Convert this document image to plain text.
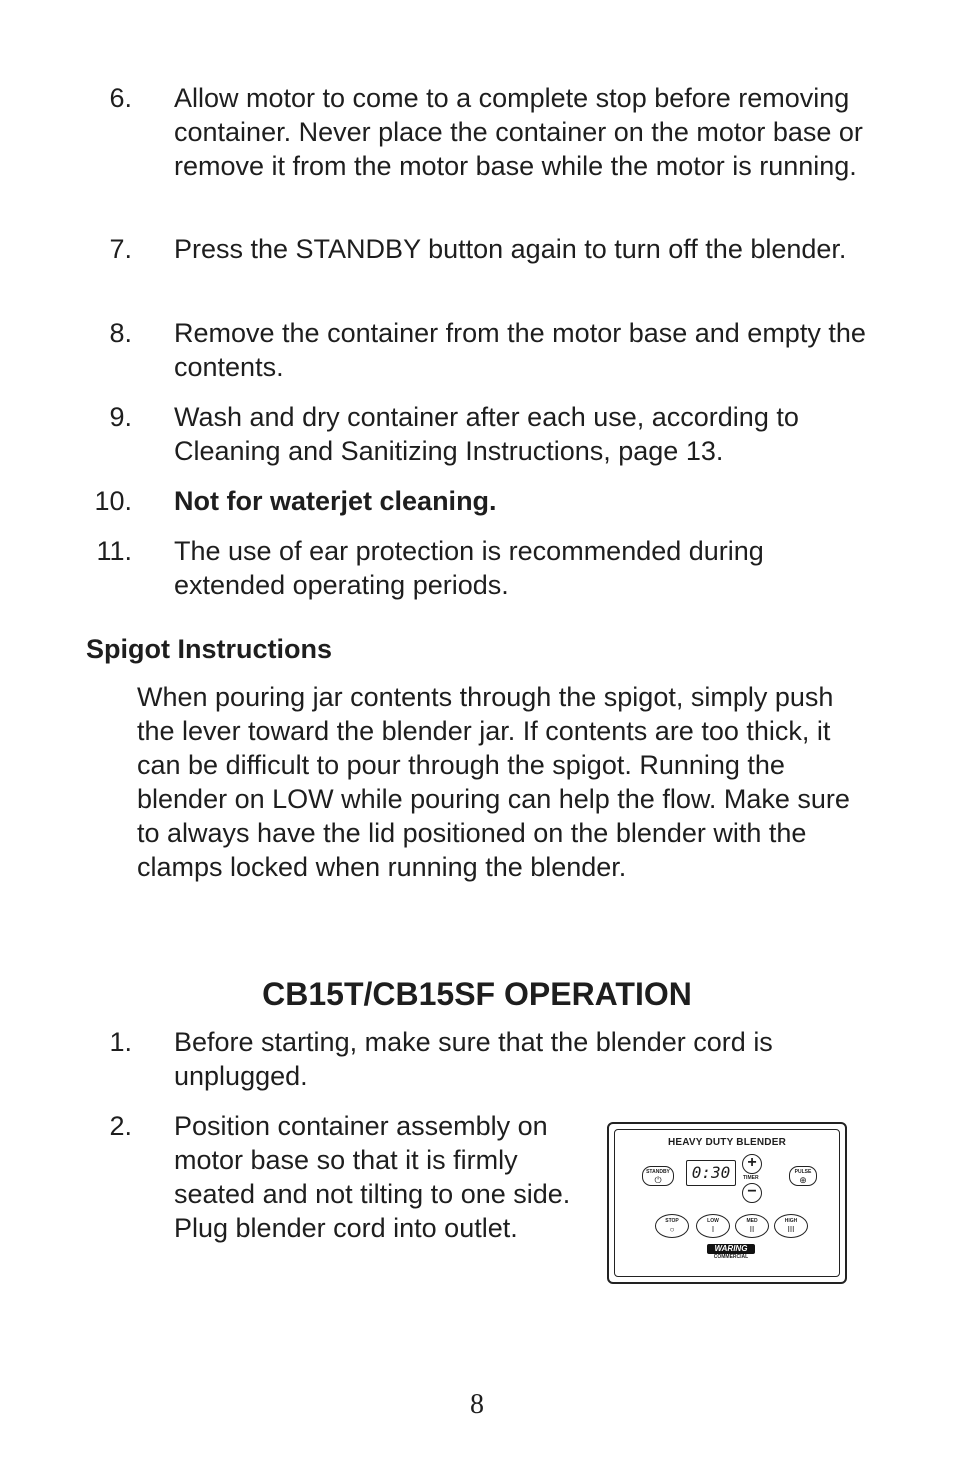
6. Allow motor to come to a complete stop before removing container. Never place the container on the motor base or remove it from the motor base while the motor is running.
7. Press the STANDBY button again to turn off the blender.
8. Remove the container from the motor base and empty the contents.
9. Wash and dry container after each use, according to Cleaning and Sanitizing Instructions, page 13.
10. Not for waterjet cleaning.
11. The use of ear protection is recommended during extended operating periods.
Spigot Instructions
When pouring jar contents through the spigot, simply push the lever toward the blender jar. If contents are too thick, it can be difficult to pour through the spigot. Running the blender on LOW while pouring can help the flow. Make sure to always have the lid positioned on the blender with the clamps locked when running the blender.
CB15T/CB15SF OPERATION
1. Before starting, make sure that the blender cord is unplugged.
2. Position container assembly on motor base so that it is firmly seated and not tilting to one side. Plug blender cord into outlet.
HEAVY DUTY BLENDER
STANDBY
⏻	0:30
+
TIMER
−
PULSE
⊕
STOP
○
LOW
I
MED
II
HIGH
III
WARING
COMMERCIAL
8
